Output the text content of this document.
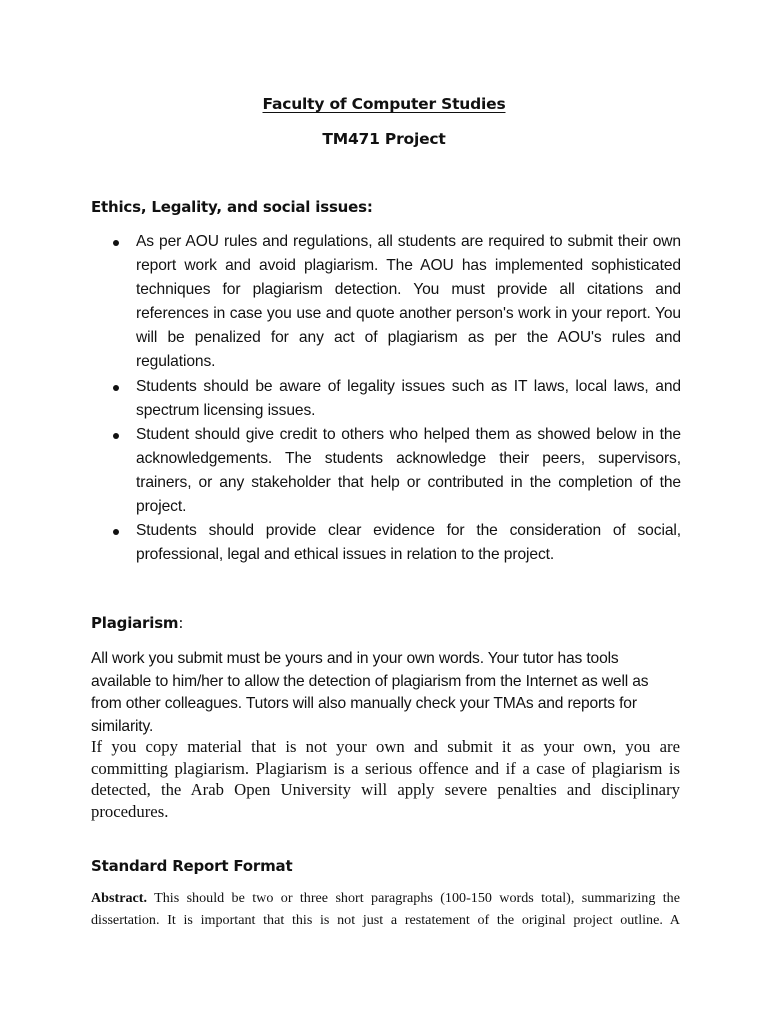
Faculty of Computer Studies
TM471 Project
Ethics, Legality, and social issues:
As per AOU rules and regulations, all students are required to submit their own report work and avoid plagiarism. The AOU has implemented sophisticated techniques for plagiarism detection. You must provide all citations and references in case you use and quote another person's work in your report. You will be penalized for any act of plagiarism as per the AOU's rules and regulations.
Students should be aware of legality issues such as IT laws, local laws, and spectrum licensing issues.
Student should give credit to others who helped them as showed below in the acknowledgements. The students acknowledge their peers, supervisors, trainers, or any stakeholder that help or contributed in the completion of the project.
Students should provide clear evidence for the consideration of social, professional, legal and ethical issues in relation to the project.
Plagiarism:

All work you submit must be yours and in your own words. Your tutor has tools available to him/her to allow the detection of plagiarism from the Internet as well as from other colleagues. Tutors will also manually check your TMAs and reports for similarity.

If you copy material that is not your own and submit it as your own, you are committing plagiarism. Plagiarism is a serious offence and if a case of plagiarism is detected, the Arab Open University will apply severe penalties and disciplinary procedures.

Standard Report Format

Abstract. This should be two or three short paragraphs (100-150 words total), summarizing the dissertation. It is important that this is not just a restatement of the original project outline. A
